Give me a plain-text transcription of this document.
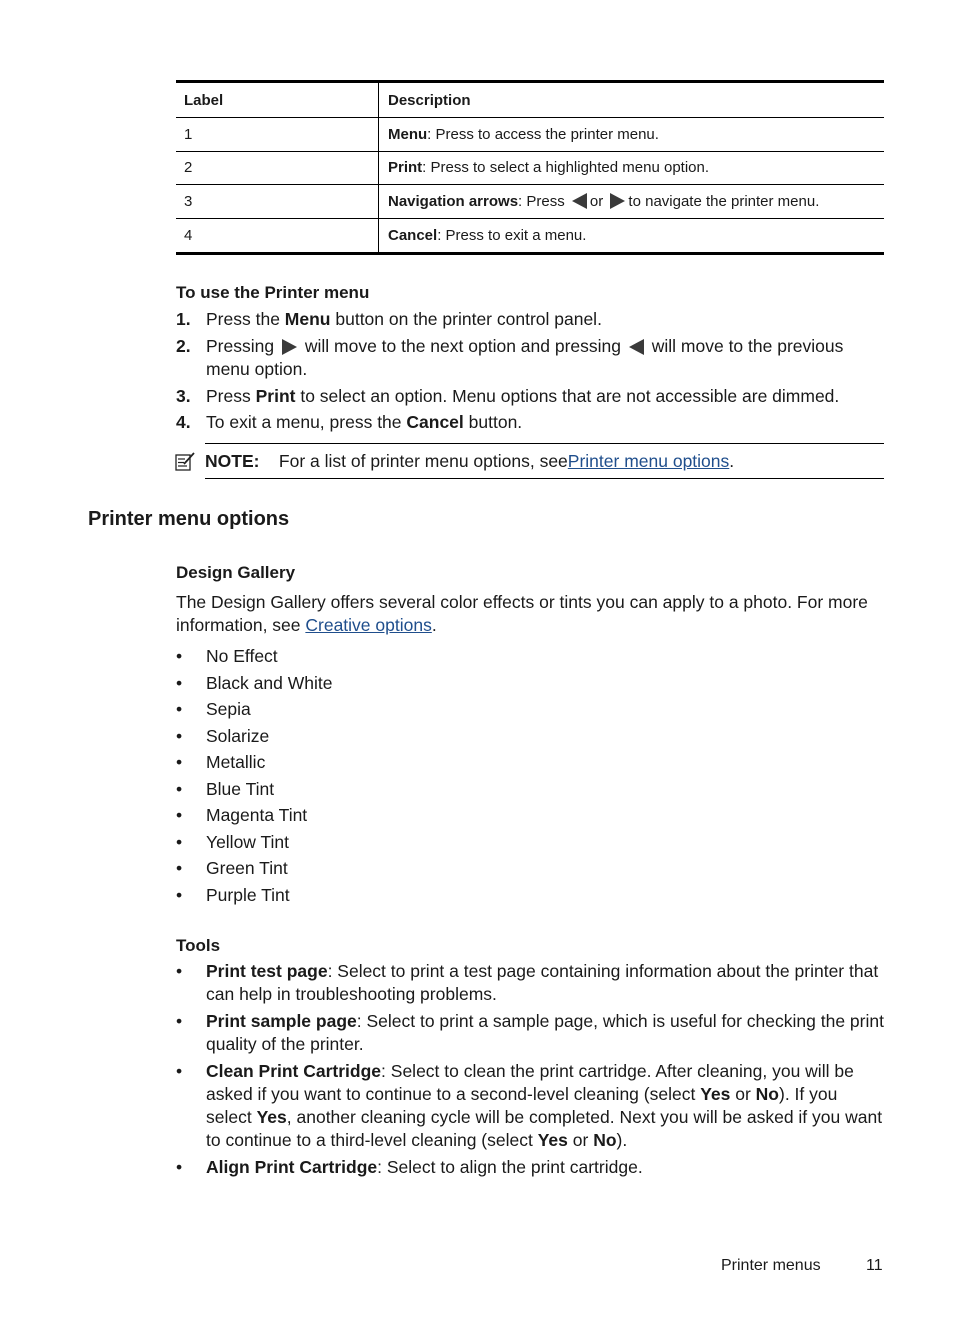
Label	Description
1	Menu : Press to access the printer menu.
2	Print : Press to select a highlighted menu option.
3	Navigation arrows : Press
or
to navigate the printer menu.
4	Cancel : Press to exit a menu.
To use the Printer menu
1. Press the Menu button on the printer control panel.
2. Pressing will move to the next option and pressing will move to the previous menu option.
3. Press Print to select an option. Menu options that are not accessible are dimmed.
4. To exit a menu, press the Cancel button.
NOTE:
For a list of printer menu options, see Printer menu options .
Printer menu options
Design Gallery
The Design Gallery offers several color effects or tints you can apply to a photo. For more information, see Creative options.
• No Effect
• Black and White
• Sepia
• Solarize
• Metallic
• Blue Tint
• Magenta Tint
• Yellow Tint
• Green Tint
• Purple Tint
Tools
• Print test page: Select to print a test page containing information about the printer that can help in troubleshooting problems.
• Print sample page: Select to print a sample page, which is useful for checking the print quality of the printer.
• Clean Print Cartridge: Select to clean the print cartridge. After cleaning, you will be asked if you want to continue to a second-level cleaning (select Yes or No). If you select Yes, another cleaning cycle will be completed. Next you will be asked if you want to continue to a third-level cleaning (select Yes or No).
• Align Print Cartridge: Select to align the print cartridge.
Printer menus	11
